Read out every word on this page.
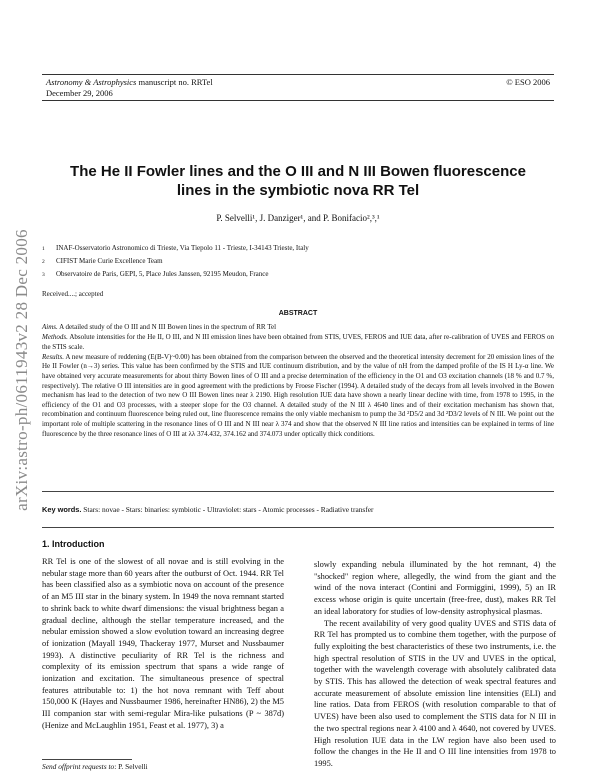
arXiv:astro-ph/0611943v2 28 Dec 2006
Astronomy & Astrophysics manuscript no. RRTel
December 29, 2006
© ESO 2006
The He II Fowler lines and the O III and N III Bowen fluorescence
lines in the symbiotic nova RR Tel
P. Selvelli¹, J. Danziger¹, and P. Bonifacio²,³,¹
1	INAF-Osservatorio Astronomico di Trieste, Via Tiepolo 11 - Trieste, I-34143 Trieste, Italy
2	CIFIST Marie Curie Excellence Team
3	Observatoire de Paris, GEPI, 5, Place Jules Janssen, 92195 Meudon, France
Received....; accepted
ABSTRACT

Aims. A detailed study of the O III and N III Bowen lines in the spectrum of RR Tel

Methods. Absolute intensities for the He II, O III, and N III emission lines have been obtained from STIS, UVES, FEROS and IUE data, after re-calibration of UVES and FEROS on the STIS scale.

Results. A new measure of reddening (E(B-V)~0.00) has been obtained from the comparison between the observed and the theoretical intensity decrement for 20 emission lines of the He II Fowler (n→3) series. This value has been confirmed by the STIS and IUE continuum distribution, and by the value of nH from the damped profile of the IS H Ly-α line. We have obtained very accurate measurements for about thirty Bowen lines of O III and a precise determination of the efficiency in the O1 and O3 excitation channels (18 % and 0.7 %, respectively). The relative O III intensities are in good agreement with the predictions by Froese Fischer (1994). A detailed study of the decays from all levels involved in the Bowen mechanism has lead to the detection of two new O III Bowen lines near λ 2190. High resolution IUE data have shown a nearly linear decline with time, from 1978 to 1995, in the efficiency of the O1 and O3 processes, with a steeper slope for the O3 channel. A detailed study of the N III λ 4640 lines and of their excitation mechanism has shown that, recombination and continuum fluorescence being ruled out, line fluorescence remains the only viable mechanism to pump the 3d ²D5/2 and 3d ²D3/2 levels of N III. We point out the important role of multiple scattering in the resonance lines of O III and N III near λ 374 and show that the observed N III line ratios and intensities can be explained in terms of line fluorescence by the three resonance lines of O III at λλ 374.432, 374.162 and 374.073 under optically thick conditions.

Key words. Stars: novae - Stars: binaries: symbiotic - Ultraviolet: stars - Atomic processes - Radiative transfer
1. Introduction

RR Tel is one of the slowest of all novae and is still evolving in the nebular stage more than 60 years after the outburst of Oct. 1944. RR Tel has been classified also as a symbiotic nova on account of the presence of an M5 III star in the binary system. In 1949 the nova remnant started to shrink back to white dwarf dimensions: the visual brightness began a gradual decline, although the stellar temperature increased, and the nebular emission showed a slow evolution toward an increasing degree of ionization (Mayall 1949, Thackeray 1977, Murset and Nussbaumer 1993). A distinctive peculiarity of RR Tel is the richness and complexity of its emission spectrum that spans a wide range of ionization and excitation. The simultaneous presence of spectral features attributable to: 1) the hot nova remnant with Teff about 150,000 K (Hayes and Nussbaumer 1986, hereinafter HN86), 2) the M5 III companion star with semi-regular Mira-like pulsations (P ~ 387d) (Henize and McLaughlin 1951, Feast et al. 1977), 3) a

slowly expanding nebula illuminated by the hot remnant, 4) the "shocked" region where, allegedly, the wind from the giant and the wind of the nova interact (Contini and Formiggini, 1999), 5) an IR excess whose origin is quite uncertain (free-free, dust), makes RR Tel an ideal laboratory for studies of low-density astrophysical plasmas.

The recent availability of very good quality UVES and STIS data of RR Tel has prompted us to combine them together, with the purpose of fully exploiting the best characteristics of these two instruments, i.e. the high spectral resolution of STIS in the UV and UVES in the optical, together with the wavelength coverage with absolutely calibrated data by STIS. This has allowed the detection of weak spectral features and accurate measurement of absolute emission line intensities (ELI) and line ratios. Data from FEROS (with resolution comparable to that of UVES) have been also used to complement the STIS data for N III in the two spectral regions near λ 4100 and λ 4640, not covered by UVES. High resolution IUE data in the LW region have also been used to follow the changes in the He II and O III line intensities from 1978 to 1995.

Send offprint requests to: P. Selvelli
